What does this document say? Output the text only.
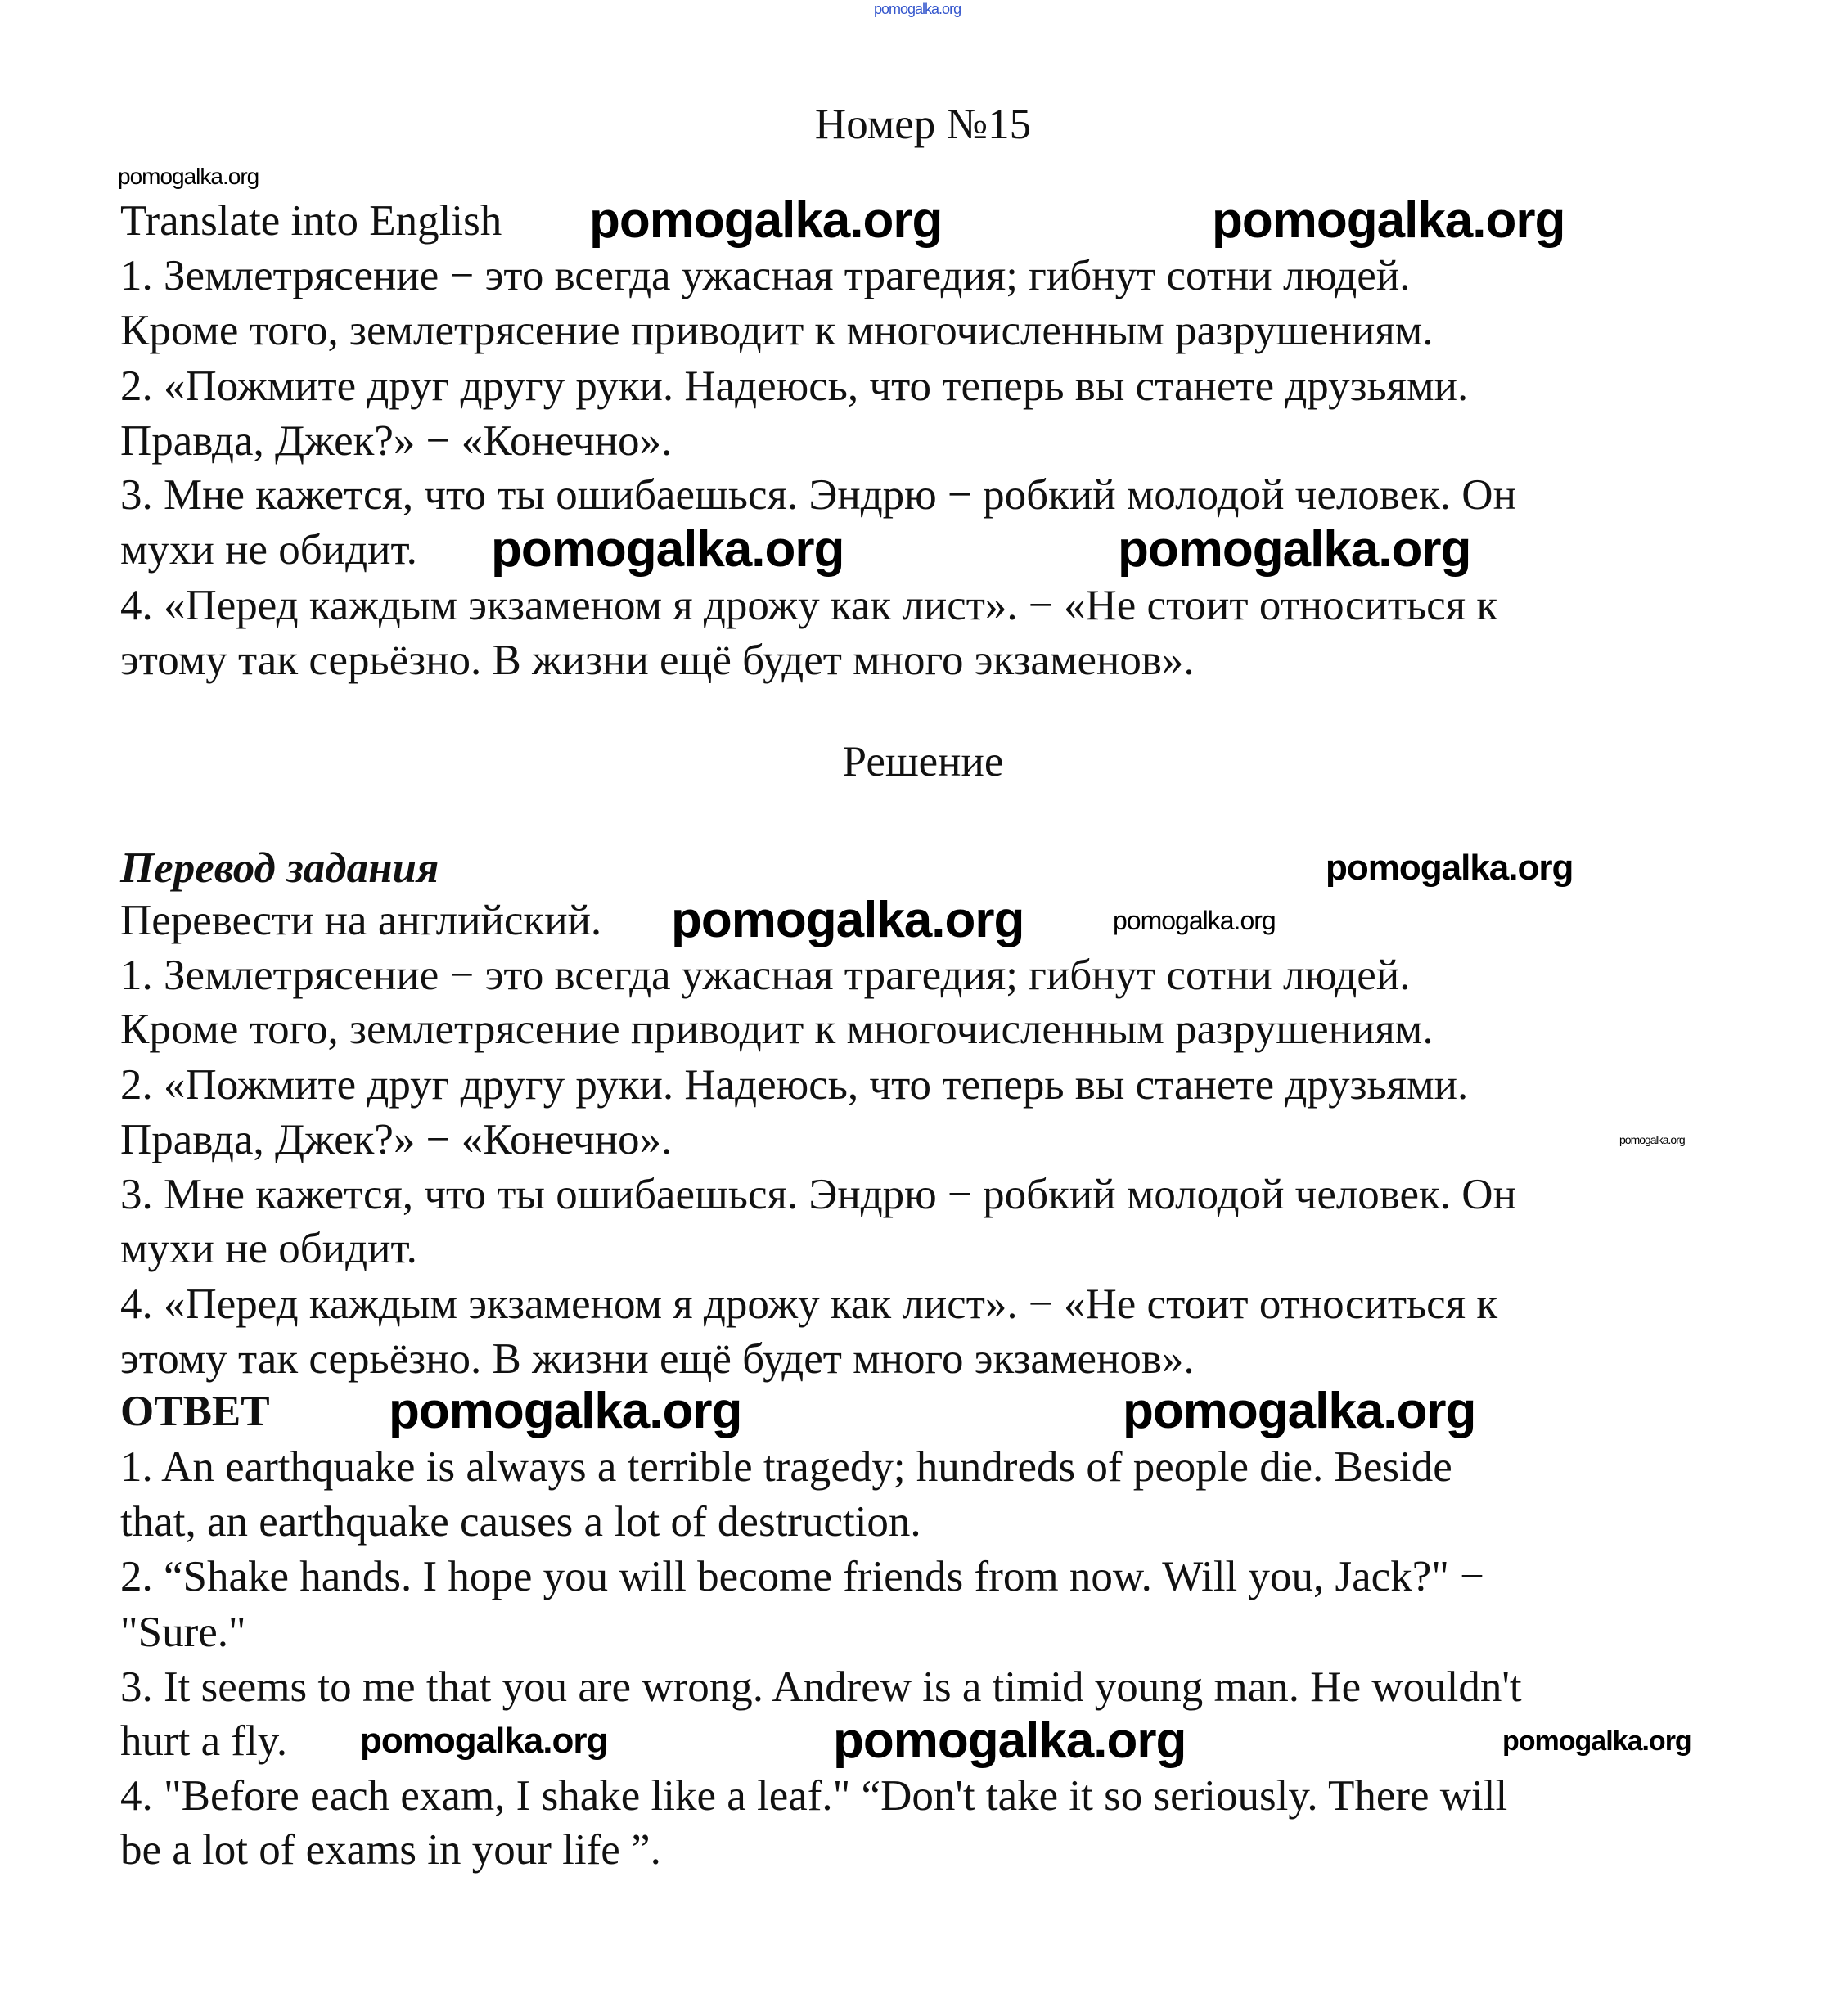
pomogalka.org
Номер №15
pomogalka.org
Translate into English
1. Землетрясение − это всегда ужасная трагедия; гибнут сотни людей.
Кроме того, землетрясение приводит к многочисленным разрушениям.
2. «Пожмите друг другу руки. Надеюсь, что теперь вы станете друзьями.
Правда, Джек?» − «Конечно».
3. Мне кажется, что ты ошибаешься. Эндрю − робкий молодой человек. Он
мухи не обидит.
4. «Перед каждым экзаменом я дрожу как лист». − «Не стоит относиться к
этому так серьёзно. В жизни ещё будет много экзаменов».
Решение
Перевод задания
Перевести на английский.
1. Землетрясение − это всегда ужасная трагедия; гибнут сотни людей.
Кроме того, землетрясение приводит к многочисленным разрушениям.
2. «Пожмите друг другу руки. Надеюсь, что теперь вы станете друзьями.
Правда, Джек?» − «Конечно».
3. Мне кажется, что ты ошибаешься. Эндрю − робкий молодой человек. Он
мухи не обидит.
4. «Перед каждым экзаменом я дрожу как лист». − «Не стоит относиться к
этому так серьёзно. В жизни ещё будет много экзаменов».
ОТВЕТ
1. An earthquake is always a terrible tragedy; hundreds of people die. Beside
that, an earthquake causes a lot of destruction.
2. “Shake hands. I hope you will become friends from now. Will you, Jack?" −
"Sure."
3. It seems to me that you are wrong. Andrew is a timid young man. He wouldn't
hurt a fly.
4. "Before each exam, I shake like a leaf." “Don't take it so seriously. There will
be a lot of exams in your life ”.
pomogalka.org	pomogalka.org
pomogalka.org	pomogalka.org
pomogalka.org
pomogalka.org	pomogalka.org
pomogalka.org
pomogalka.org	pomogalka.org
pomogalka.org	pomogalka.org	pomogalka.org
